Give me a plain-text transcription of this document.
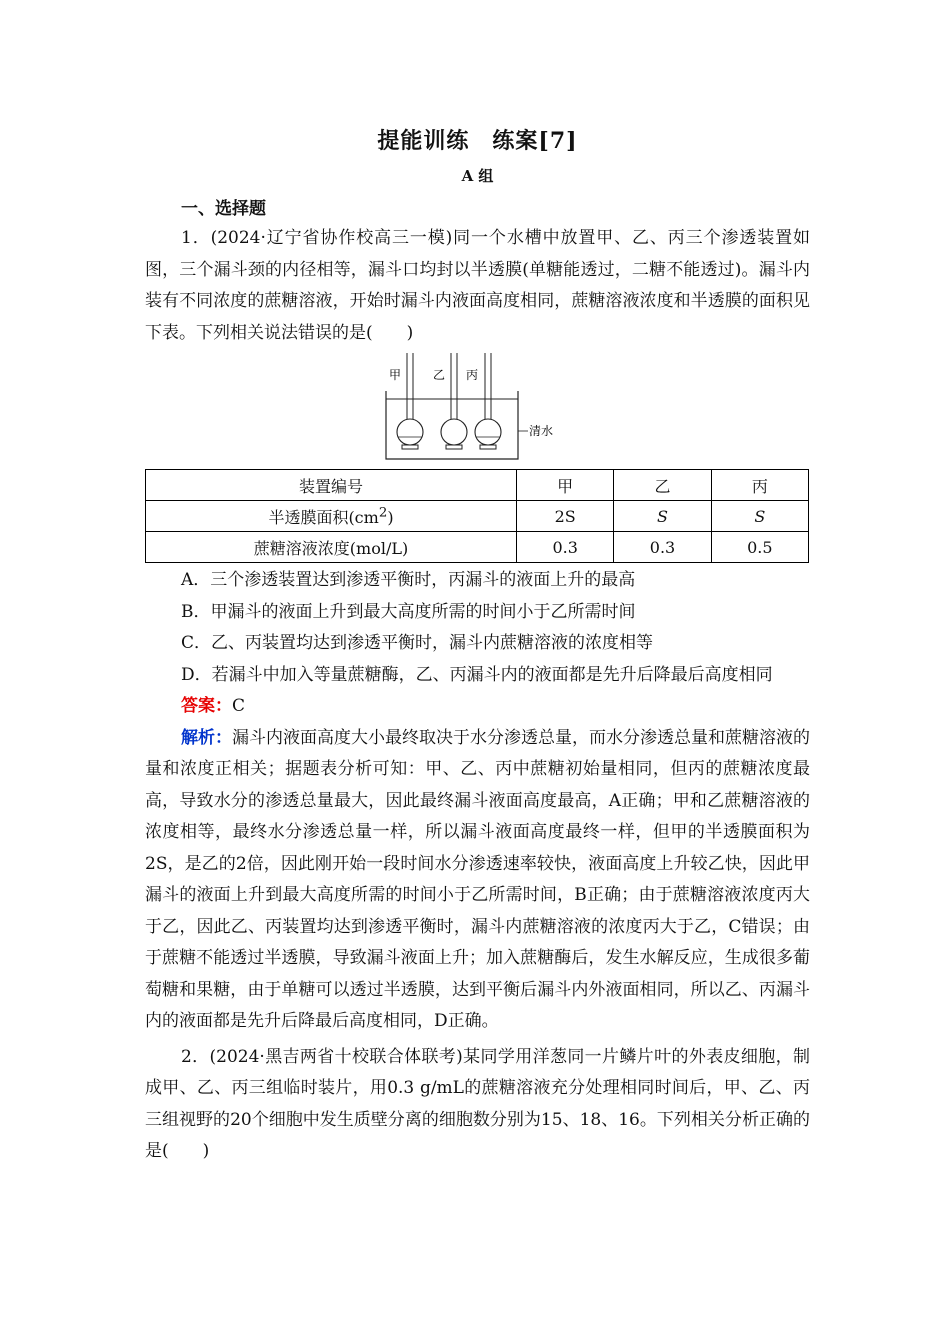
提能训练　练案[7]
A 组
一、选择题

1．(2024·辽宁省协作校高三一模)同一个水槽中放置甲、乙、丙三个渗透装置如图，三个漏斗颈的内径相等，漏斗口均封以半透膜(单糖能透过，二糖不能透过)。漏斗内装有不同浓度的蔗糖溶液，开始时漏斗内液面高度相同，蔗糖溶液浓度和半透膜的面积见下表。下列相关说法错误的是(　　)

甲	乙 丙
清水
装置编号	甲	乙	丙
半透膜面积$(cm^2)$	2S	S	S
蔗糖溶液浓度(mol/L)	0.3	0.3	0.5

A．三个渗透装置达到渗透平衡时，丙漏斗的液面上升的最高

B．甲漏斗的液面上升到最大高度所需的时间小于乙所需时间

C．乙、丙装置均达到渗透平衡时，漏斗内蔗糖溶液的浓度相等

D．若漏斗中加入等量蔗糖酶，乙、丙漏斗内的液面都是先升后降最后高度相同

答案：C

解析：漏斗内液面高度大小最终取决于水分渗透总量，而水分渗透总量和蔗糖溶液的量和浓度正相关；据题表分析可知：甲、乙、丙中蔗糖初始量相同，但丙的蔗糖浓度最高，导致水分的渗透总量最大，因此最终漏斗液面高度最高，A正确；甲和乙蔗糖溶液的浓度相等，最终水分渗透总量一样，所以漏斗液面高度最终一样，但甲的半透膜面积为2S，是乙的2倍，因此刚开始一段时间水分渗透速率较快，液面高度上升较乙快，因此甲漏斗的液面上升到最大高度所需的时间小于乙所需时间，B正确；由于蔗糖溶液浓度丙大于乙，因此乙、丙装置均达到渗透平衡时，漏斗内蔗糖溶液的浓度丙大于乙，C错误；由于蔗糖不能透过半透膜，导致漏斗液面上升；加入蔗糖酶后，发生水解反应，生成很多葡萄糖和果糖，由于单糖可以透过半透膜，达到平衡后漏斗内外液面相同，所以乙、丙漏斗内的液面都是先升后降最后高度相同，D正确。

2．(2024·黑吉两省十校联合体联考)某同学用洋葱同一片鳞片叶的外表皮细胞，制成甲、乙、丙三组临时装片，用0.3 g/mL的蔗糖溶液充分处理相同时间后，甲、乙、丙三组视野的20个细胞中发生质壁分离的细胞数分别为15、18、16。下列相关分析正确的是(　　)
